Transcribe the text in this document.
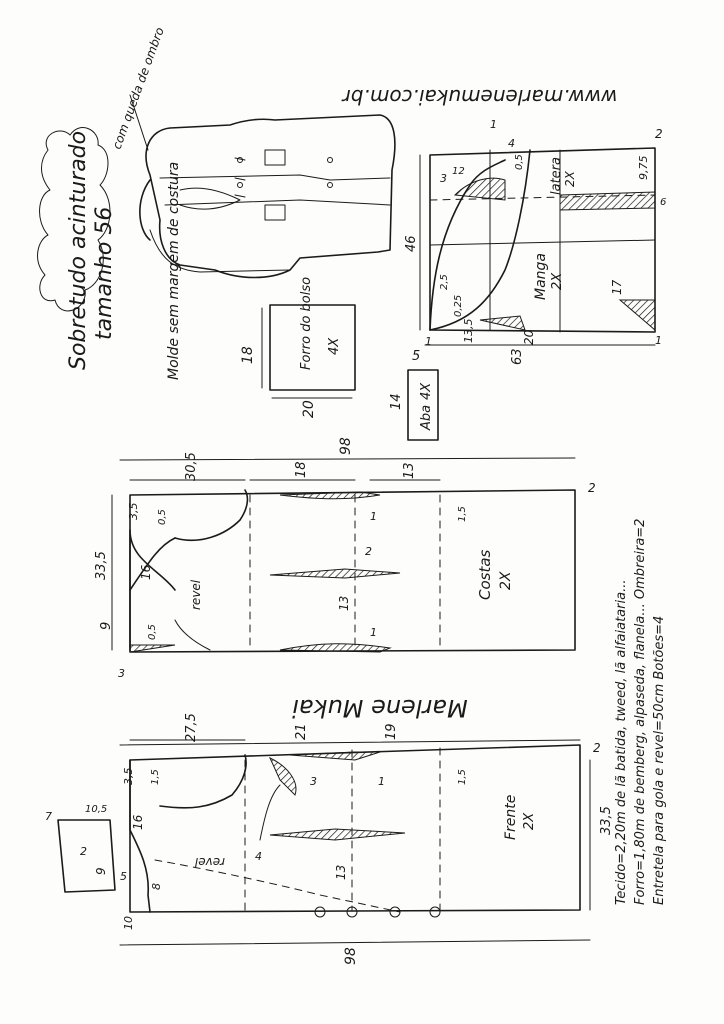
www.marlenemukai.com.br
Sobretudo acinturado tamanho 56
com queda de ombro
Molde sem margem de costura	Forro do bolso 4X
18
20	Aba
4X
5
14
Manga 2X
latera 2X
63
46
20
17
9,75
13,5
0,25
2,5
3
12
4
0,5
2
1
1
1
6
Costas 2X
revel
98
30,5	18	13
33,5
9
3,5
16
0,5
0,5
1
1
2
1,5
2
3
13
Marlene Mukai
Frente 2X
revel
27,5	21	19
98
33,5
3,5
16
9
10
1,5	1,5
2
3
4
1
13
8
5
2
7
10,5	Tecido=2,20m de lã batida, tweed, lã alfaiataria... Forro=1,80m de bemberg, alpaseda, flanela... Ombreira=2 Entretela para gola e revel=50cm Botões=4
